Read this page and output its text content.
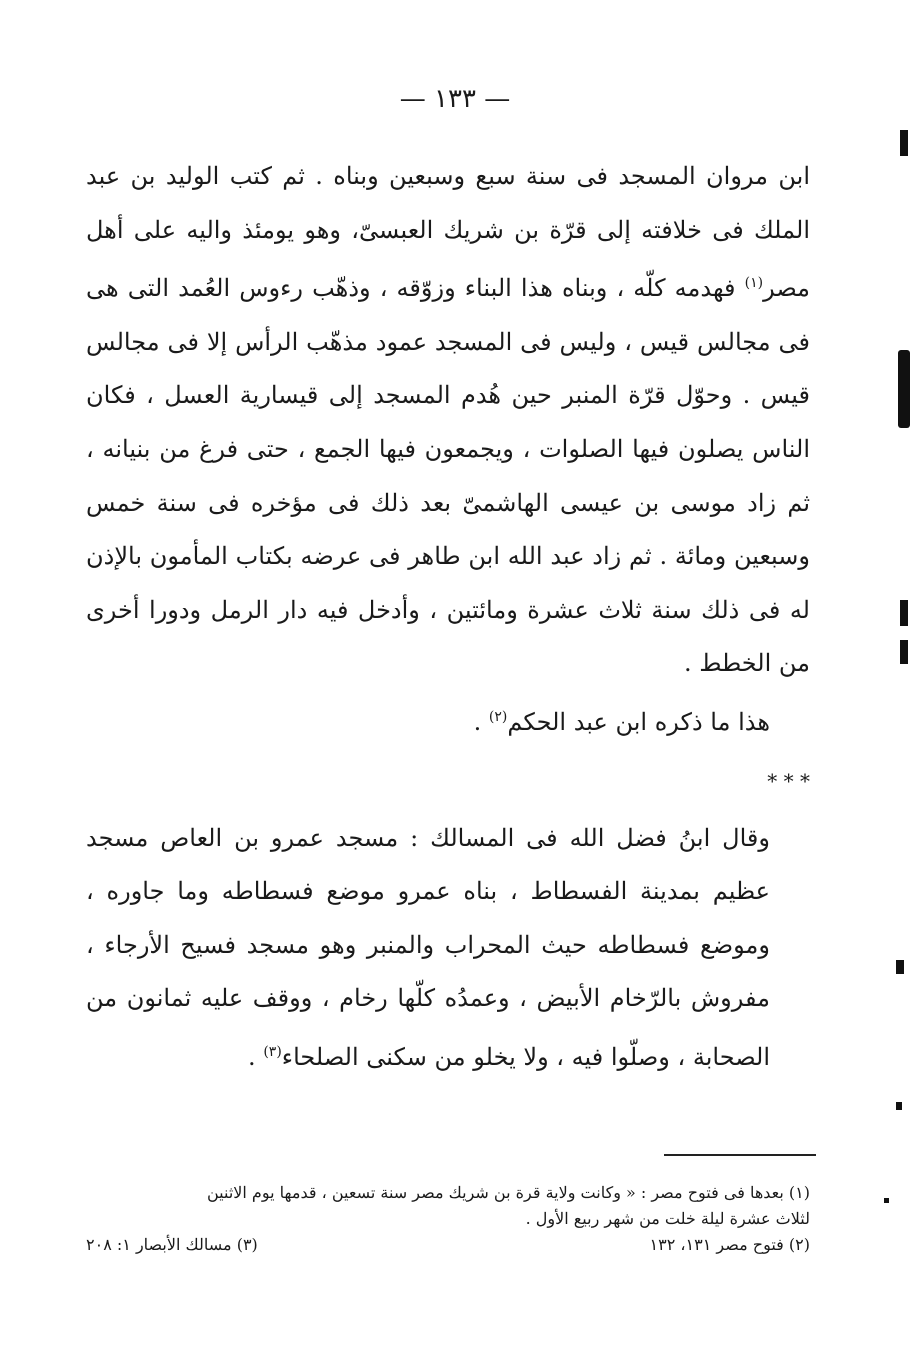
— ١٣٣ —

ابن مروان المسجد فى سنة سبع وسبعين وبناه . ثم كتب الوليد بن عبد الملك فى خلافته إلى قرّة بن شريك العبسىّ، وهو يومئذ واليه على أهل مصر$^{(١)}$ فهدمه كلّه ، وبناه هذا البناء وزوّقه ، وذهّب رءوس العُمد التى هى فى مجالس قيس ، وليس فى المسجد عمود مذهّب الرأس إلا فى مجالس قيس . وحوّل قرّة المنبر حين هُدم المسجد إلى قيسارية العسل ، فكان الناس يصلون فيها الصلوات ، ويجمعون فيها الجمع ، حتى فرغ من بنيانه ، ثم زاد موسى بن عيسى الهاشمىّ بعد ذلك فى مؤخره فى سنة خمس وسبعين ومائة . ثم زاد عبد الله ابن طاهر فى عرضه بكتاب المأمون بالإذن له فى ذلك سنة ثلاث عشرة ومائتين ، وأدخل فيه دار الرمل ودورا أخرى من الخطط .

هذا ما ذكره ابن عبد الحكم$^{(٢)}$ .

* * *

وقال ابنُ فضل الله فى المسالك : مسجد عمرو بن العاص مسجد عظيم بمدينة الفسطاط ، بناه عمرو موضع فسطاطه وما جاوره ، وموضع فسطاطه حيث المحراب والمنبر وهو مسجد فسيح الأرجاء ، مفروش بالرّخام الأبيض ، وعمدُه كلّها رخام ، ووقف عليه ثمانون من الصحابة ، وصلّوا فيه ، ولا يخلو من سكنى الصلحاء$^{(٣)}$ .

(١) بعدها فى فتوح مصر : « وكانت ولاية قرة بن شريك مصر سنة تسعين ، قدمها يوم الاثنين
لثلاث عشرة ليلة خلت من شهر ربيع الأول .
(٢) فتوح مصر ١٣١، ١٣٢
(٣) مسالك الأبصار ١: ٢٠٨
